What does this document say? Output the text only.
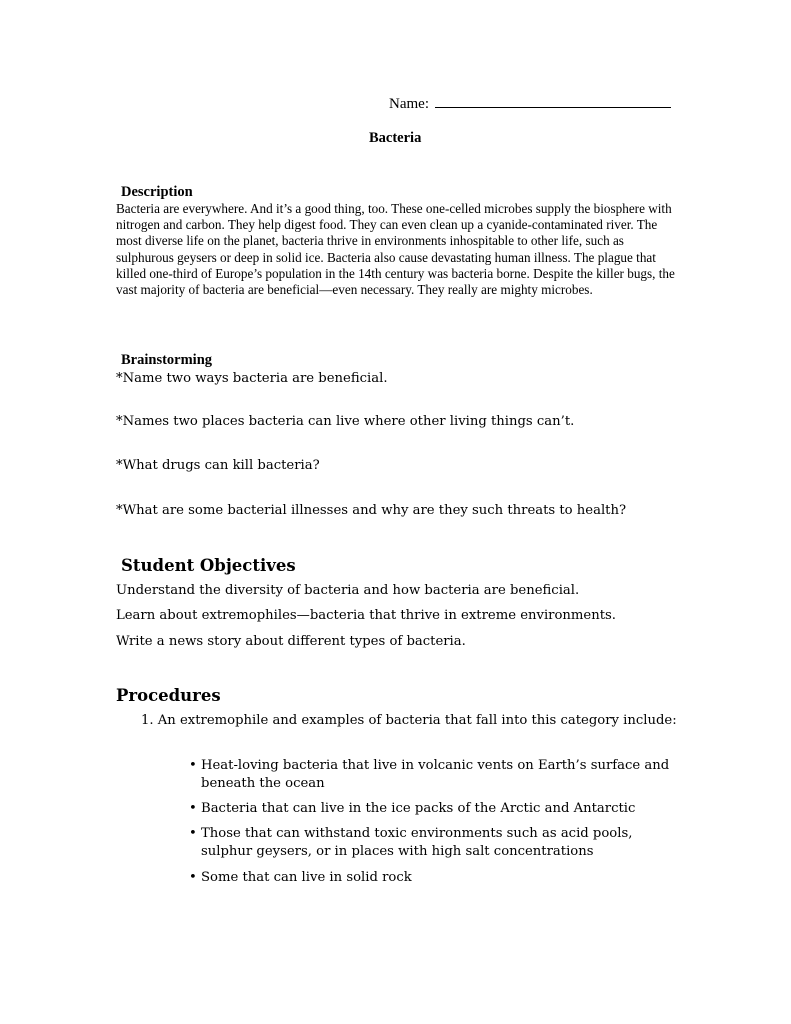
Name:
Bacteria
Description
Bacteria are everywhere. And it’s a good thing, too. These one-celled microbes supply the biosphere with nitrogen and carbon. They help digest food. They can even clean up a cyanide-contaminated river. The most diverse life on the planet, bacteria thrive in environments inhospitable to other life, such as sulphurous geysers or deep in solid ice. Bacteria also cause devastating human illness. The plague that killed one-third of Europe’s population in the 14th century was bacteria borne. Despite the killer bugs, the vast majority of bacteria are beneficial—even necessary. They really are mighty microbes.
Brainstorming
*Name two ways bacteria are beneficial.
*Names two places bacteria can live where other living things can’t.
*What drugs can kill bacteria?
*What are some bacterial illnesses and why are they such threats to health?
Student Objectives
Understand the diversity of bacteria and how bacteria are beneficial.
Learn about extremophiles—bacteria that thrive in extreme environments.
Write a news story about different types of bacteria.
Procedures
1. An extremophile and examples of bacteria that fall into this category include:
• Heat-loving bacteria that live in volcanic vents on Earth’s surface and beneath the ocean
• Bacteria that can live in the ice packs of the Arctic and Antarctic
• Those that can withstand toxic environments such as acid pools, sulphur geysers, or in places with high salt concentrations
• Some that can live in solid rock
